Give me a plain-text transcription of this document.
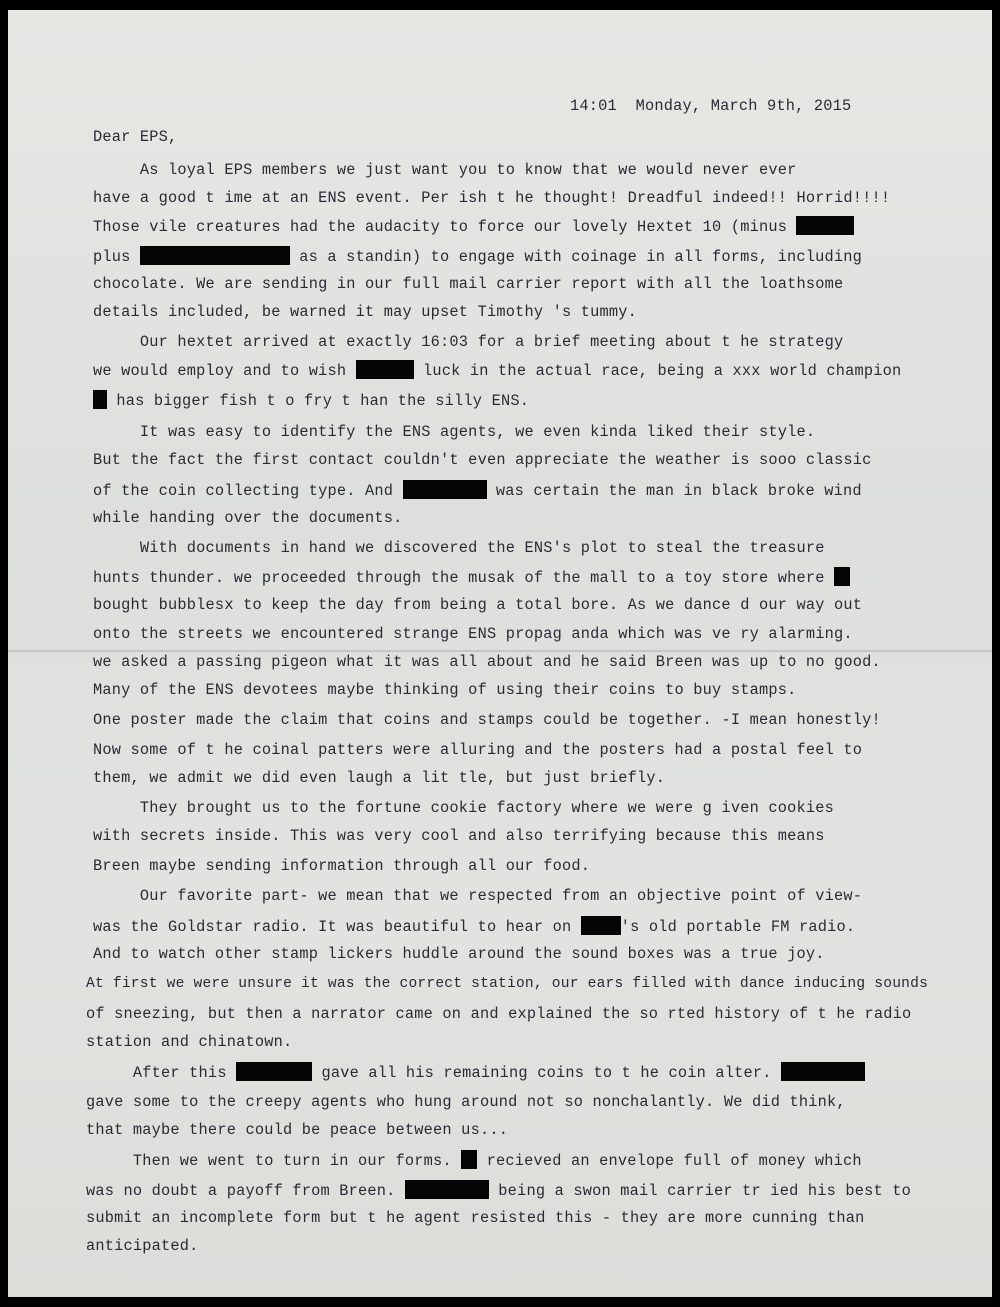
14:01  Monday, March 9th, 2015
Dear EPS,
As loyal EPS members we just want you to know that we would never ever
have a good t ime at an ENS event. Per ish t he thought! Dreadful indeed!! Horrid!!!!
Those vile creatures had the audacity to force our lovely Hextet 10 (minus
plus	as a standin) to engage with coinage in all forms, including
chocolate. We are sending in our full mail carrier report with all the loathsome
details included, be warned it may upset Timothy 's tummy.
Our hextet arrived at exactly 16:03 for a brief meeting about t he strategy
we would employ and to wish	luck in the actual race, being a xxx world champion
has bigger fish t o fry t han the silly ENS.
It was easy to identify the ENS agents, we even kinda liked their style.
But the fact the first contact couldn't even appreciate the weather is sooo classic
of the coin collecting type. And	was certain the man in black broke wind
while handing over the documents.
With documents in hand we discovered the ENS's plot to steal the treasure
hunts thunder. we proceeded through the musak of the mall to a toy store where
bought bubblesx to keep the day from being a total bore. As we dance d our way out
onto the streets we encountered strange ENS propag anda which was ve ry alarming.
we asked a passing pigeon what it was all about and he said Breen was up to no good.
Many of the ENS devotees maybe thinking of using their coins to buy stamps.
One poster made the claim that coins and stamps could be together. -I mean honestly!
Now some of t he coinal patters were alluring and the posters had a postal feel to
them, we admit we did even laugh a lit tle, but just briefly.
They brought us to the fortune cookie factory where we were g iven cookies
with secrets inside. This was very cool and also terrifying because this means
Breen maybe sending information through all our food.
Our favorite part- we mean that we respected from an objective point of view-
was the Goldstar radio. It was beautiful to hear on	's old portable FM radio.
And to watch other stamp lickers huddle around the sound boxes was a true joy.
At first we were unsure it was the correct station, our ears filled with dance inducing sounds
of sneezing, but then a narrator came on and explained the so rted history of t he radio
station and chinatown.
After this	gave all his remaining coins to t he coin alter.
gave some to the creepy agents who hung around not so nonchalantly. We did think,
that maybe there could be peace between us...
Then we went to turn in our forms.  recieved an envelope full of money which
was no doubt a payoff from Breen.	being a swon mail carrier tr ied his best to
submit an incomplete form but t he agent resisted this - they are more cunning than
anticipated.
